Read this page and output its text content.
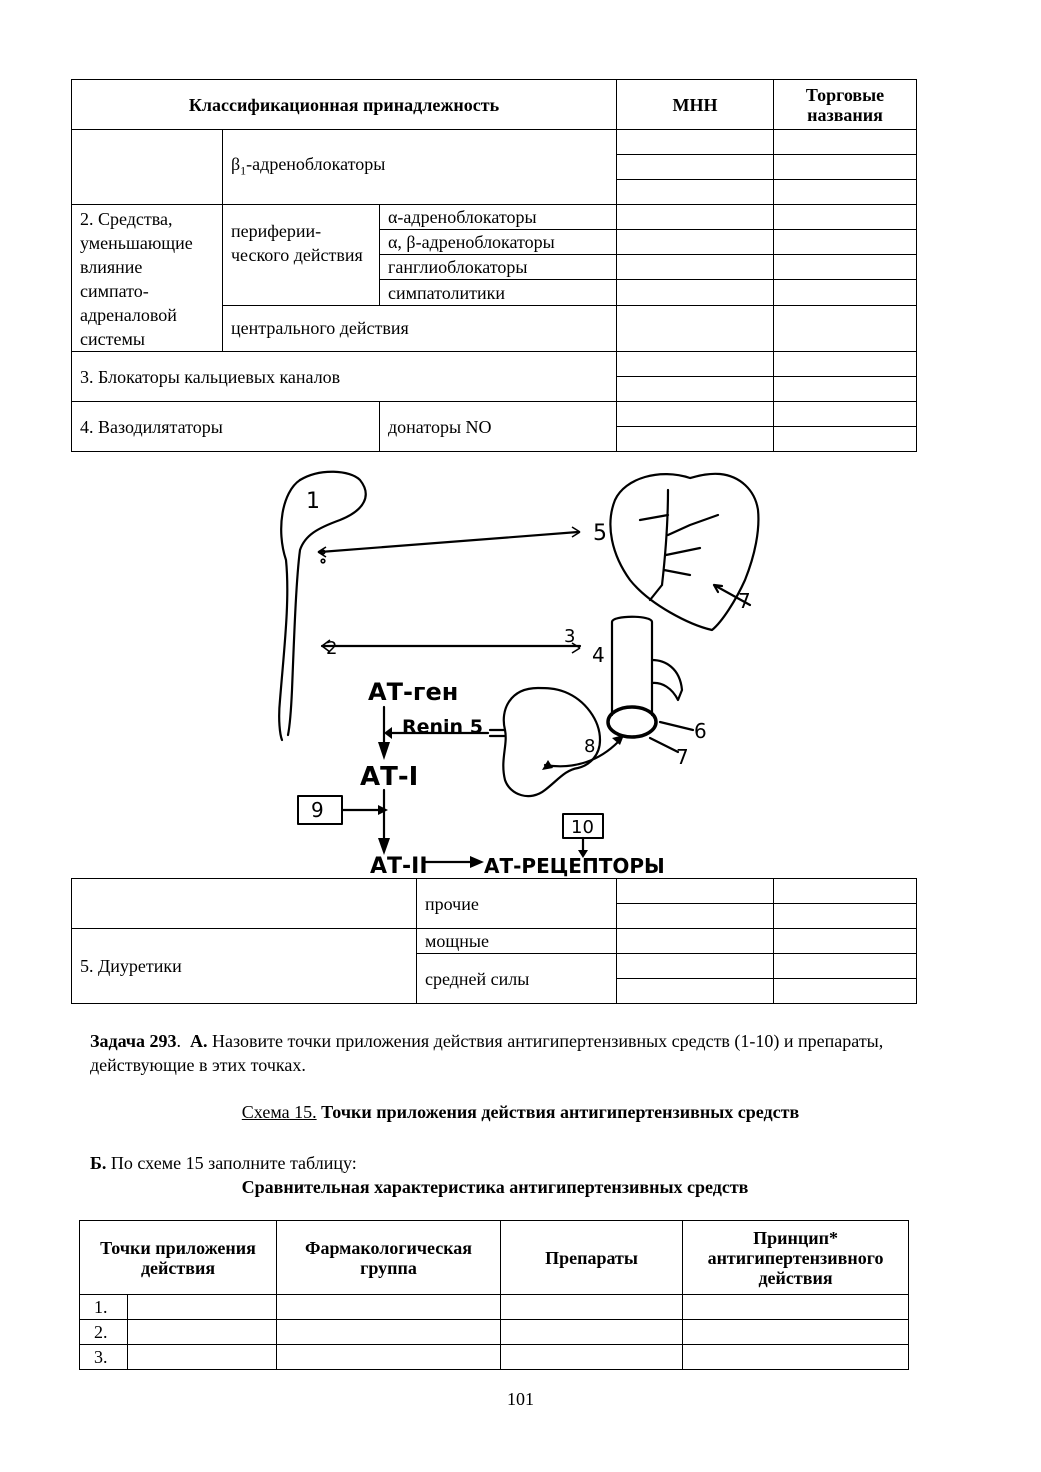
Классификационная принадлежность			МНН	Торговые названия
	$\beta_1$-адреноблокаторы			

2. Средства, уменьшающие влияние симпато-адреналовой системы	периферии-ческого действия	α-адреноблокаторы		
		α, β-адреноблокаторы		
		ганглиоблокаторы		
		симпатолитики		
	центрального действия			
3. Блокаторы кальциевых каналов				

4. Вазодилятаторы		донаторы NO		

1
2
3
4
5
6
7
7
8
АТ-ген
Renin 5
АТ-I
АТ-II	АТ-РЕЦЕПТОРЫ
9
10
	прочие		

5. Диуретики	мощные		
	средней силы		

Задача 293.  А. Назовите точки приложения действия антигипертензивных средств (1-10) и препараты, действующие в этих точках.
Схема 15. Точки приложения действия антигипертензивных средств
Б. По схеме 15 заполните таблицу:
Сравнительная характеристика антигипертензивных средств
Точки приложения действия		Фармакологическая группа	Препараты	Принцип* антигипертензивного действия
1.				
2.				
3.				
101
